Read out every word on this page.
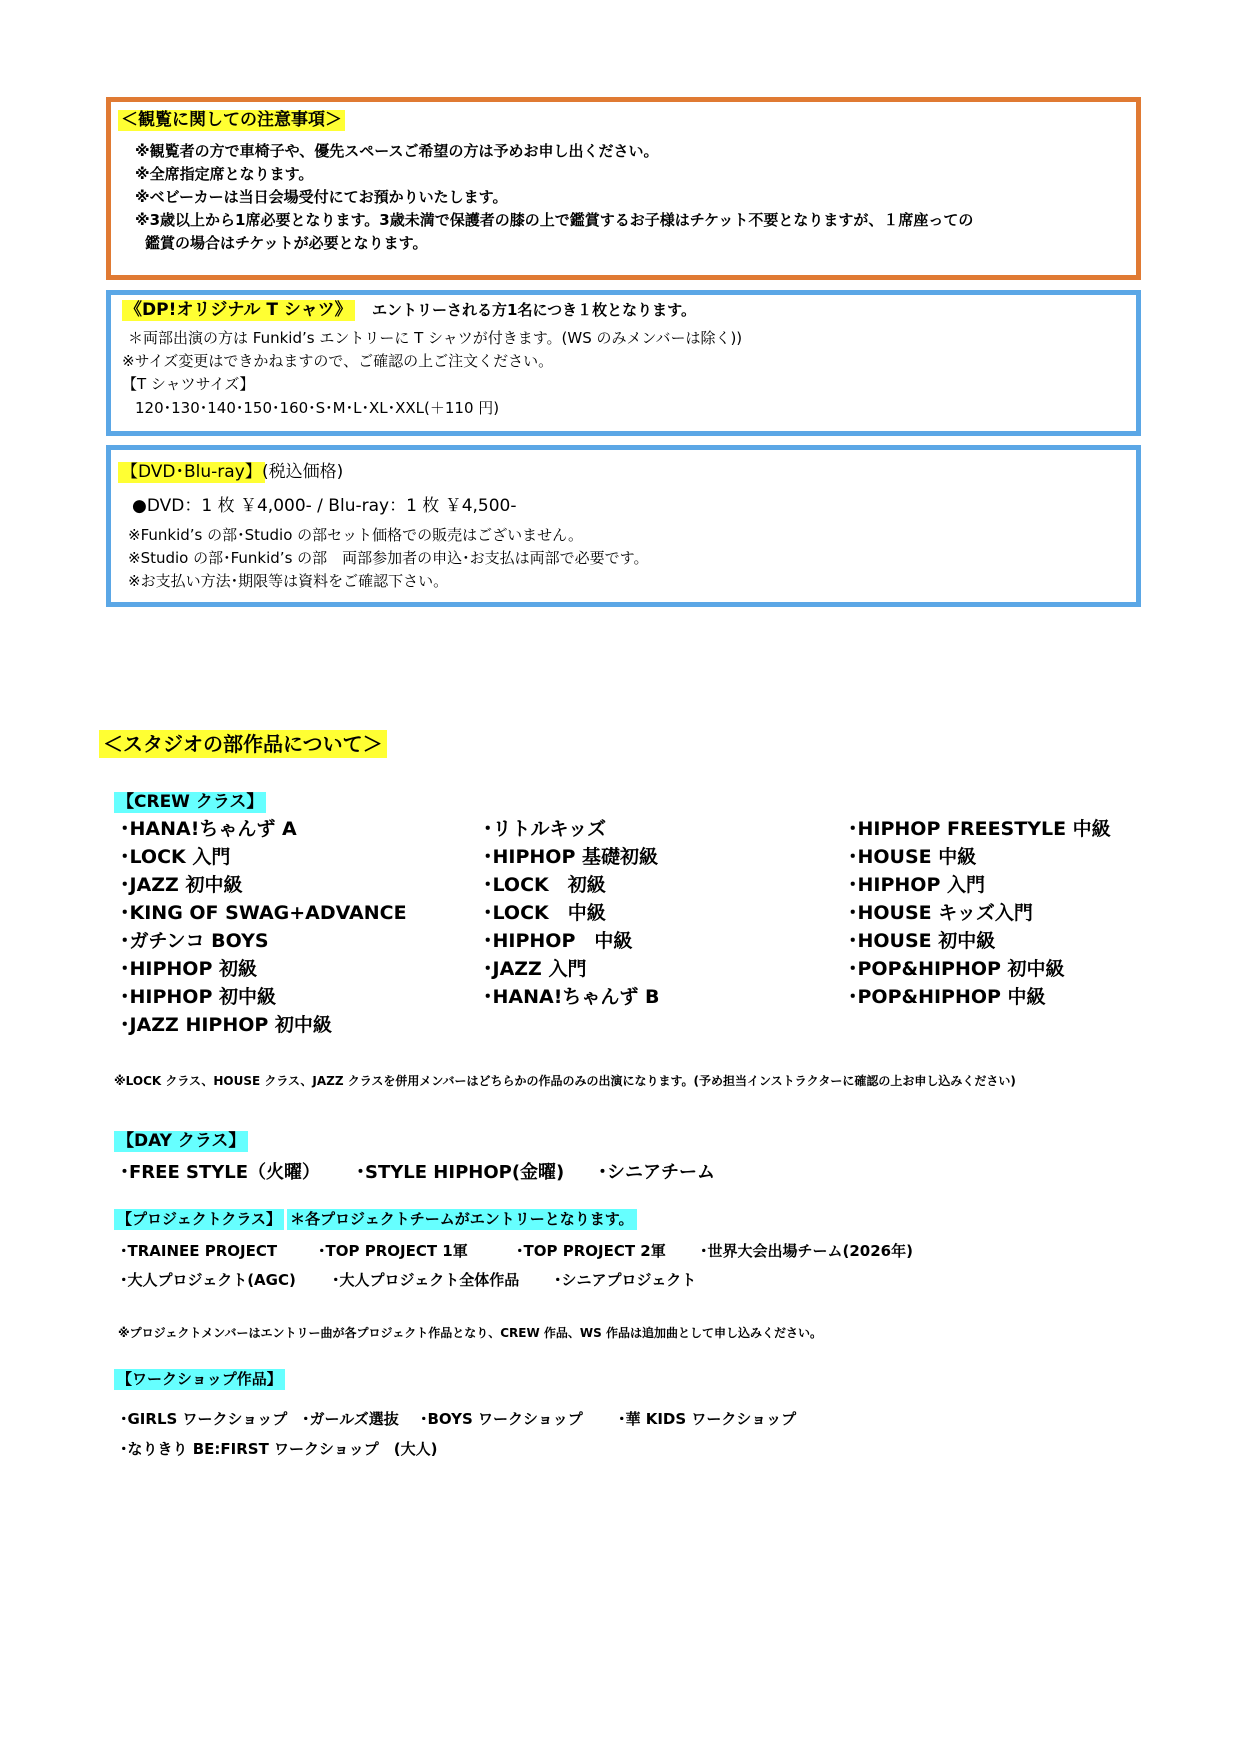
＜観覧に関しての注意事項＞
※観覧者の方で車椅子や、優先スペースご希望の方は予めお申し出ください。
※全席指定席となります。
※ベビーカーは当日会場受付にてお預かりいたします。
※3歳以上から1席必要となります。3歳未満で保護者の膝の上で鑑賞するお子様はチケット不要となりますが、１席座っての
鑑賞の場合はチケットが必要となります。
《DP!オリジナル T シャツ》 エントリーされる方1名につき１枚となります。
＊両部出演の方は Funkid’s エントリーに T シャツが付きます。(WS のみメンバーは除く))
※サイズ変更はできかねますので、ご確認の上ご注文ください。
【T シャツサイズ】
120･130･140･150･160･S･M･L･XL･XXL(＋110 円)
【DVD･Blu-ray】 (税込価格)
●DVD：1 枚 ￥4,000- / Blu-ray：1 枚 ￥4,500-
※Funkid’s の部･Studio の部セット価格での販売はございません。
※Studio の部･Funkid’s の部　両部参加者の申込･お支払は両部で必要です。
※お支払い方法･期限等は資料をご確認下さい。
＜スタジオの部作品について＞
【CREW クラス】
･HANA!ちゃんず A
･LOCK 入門
･JAZZ 初中級
･KING OF SWAG+ADVANCE
･ガチンコ BOYS
･HIPHOP 初級
･HIPHOP 初中級
･JAZZ HIPHOP 初中級
･リトルキッズ
･HIPHOP 基礎初級
･LOCK　初級
･LOCK　中級
･HIPHOP　中級
･JAZZ 入門
･HANA!ちゃんず B
･HIPHOP FREESTYLE 中級
･HOUSE 中級
･HIPHOP 入門
･HOUSE キッズ入門
･HOUSE 初中級
･POP&HIPHOP 初中級
･POP&HIPHOP 中級
※LOCK クラス、HOUSE クラス、JAZZ クラスを併用メンバーはどちらかの作品のみの出演になります。(予め担当インストラクターに確認の上お申し込みください)
【DAY クラス】
･FREE STYLE（火曜） ･STYLE HIPHOP(金曜) ･シニアチーム
【プロジェクトクラス】 ＊各プロジェクトチームがエントリーとなります。
･TRAINEE PROJECT	･TOP PROJECT 1軍	･TOP PROJECT 2軍 ･世界大会出場チーム(2026年)
･大人プロジェクト(AGC) ･大人プロジェクト全体作品 ･シニアプロジェクト
※プロジェクトメンバーはエントリー曲が各プロジェクト作品となり、CREW 作品、WS 作品は追加曲として申し込みください。
【ワークショップ作品】
･GIRLS ワークショップ ･ガールズ選抜 ･BOYS ワークショップ ･華 KIDS ワークショップ
･なりきり BE:FIRST ワークショップ　(大人)
